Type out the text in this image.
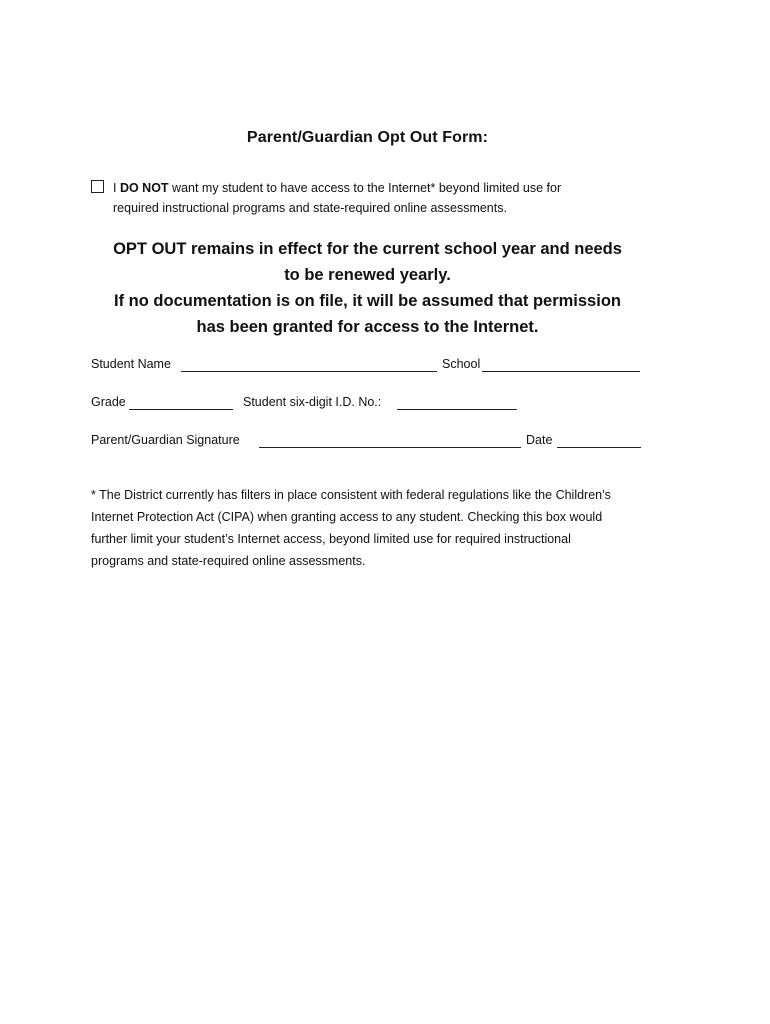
Parent/Guardian Opt Out Form:
I DO NOT want my student to have access to the Internet* beyond limited use for
required instructional programs and state-required online assessments.
OPT OUT remains in effect for the current school year and needs
to be renewed yearly.
If no documentation is on file, it will be assumed that permission
has been granted for access to the Internet.
Student Name	School
Grade	Student six-digit I.D. No.:
Parent/Guardian Signature	Date
* The District currently has filters in place consistent with federal regulations like the Children’s
Internet Protection Act (CIPA) when granting access to any student. Checking this box would
further limit your student’s Internet access, beyond limited use for required instructional
programs and state-required online assessments.
